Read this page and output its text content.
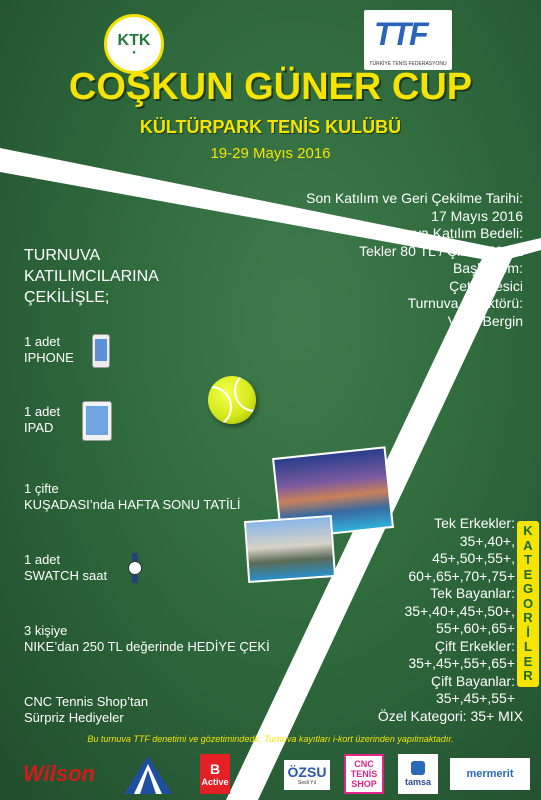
KTK
●
TTF
TÜRKİYE TENİS FEDERASYONU
COŞKUN GÜNER CUP
KÜLTÜRPARK TENİS KULÜBÜ
19-29 Mayıs 2016
Son Katılım ve Geri Çekilme Tarihi:
17 Mayıs 2016
Turnuva Katılım Bedeli:
Tekler 80 TL / Çiftler 40 TL
Başhakem:
Çetin Kesici
Turnuva Direktörü:
Vahit Bergin
TURNUVA
KATILIMCILARINA
ÇEKİLİŞLE;
1 adet
IPHONE
1 adet
IPAD
1 çifte
KUŞADASI’nda HAFTA SONU TATİLİ
1 adet
SWATCH saat
3 kişiye
NIKE’dan 250 TL değerinde HEDİYE ÇEKİ
CNC Tennis Shop’tan
Sürpriz Hediyeler
Tek Erkekler:
35+,40+,
45+,50+,55+,
60+,65+,70+,75+
Tek Bayanlar:
35+,40+,45+,50+,
55+,60+,65+
Çift Erkekler:
35+,45+,55+,65+
Çift Bayanlar:
35+,45+,55+
Özel Kategori: 35+ MIX
K
A
T
E
G
O
R
İ
L
E
R
Bu turnuva TTF denetimi ve gözetimindedir. Turnuva kayıtları i-kort üzerinden yapılmaktadır.
Wilson	B
Active
ÖZSU
Sesli Yıl
CNC
TENİS
SHOP	tamsa
mermerit
